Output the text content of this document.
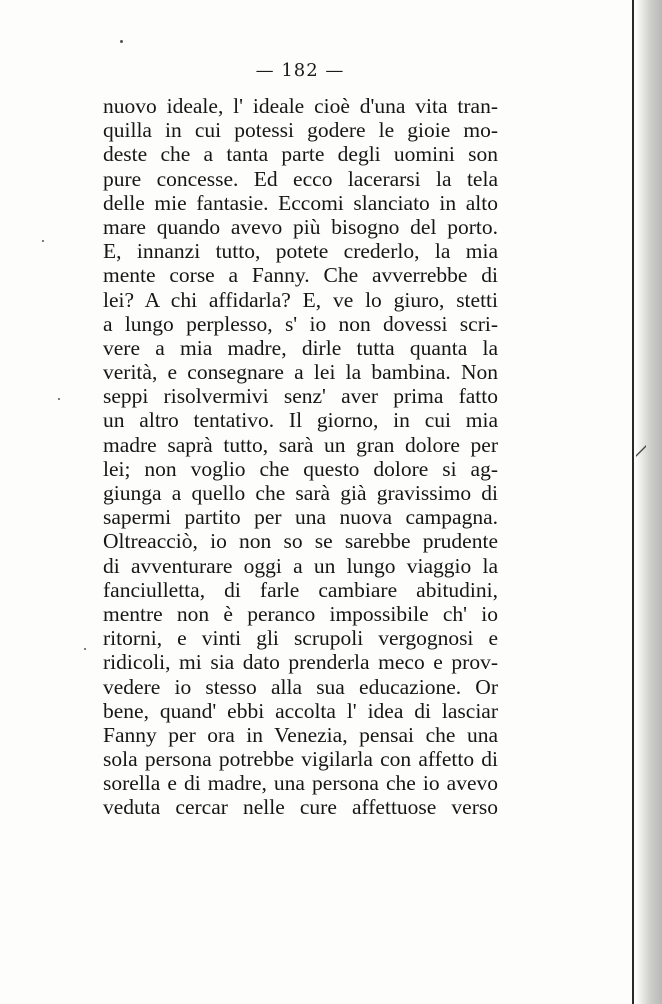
— 182 —
nuovo ideale, l' ideale cioè d'una vita tran-
quilla in cui potessi godere le gioie mo-
deste che a tanta parte degli uomini son
pure concesse. Ed ecco lacerarsi la tela
delle mie fantasie. Eccomi slanciato in alto
mare quando avevo più bisogno del porto.
E, innanzi tutto, potete crederlo, la mia
mente corse a Fanny. Che avverrebbe di
lei? A chi affidarla? E, ve lo giuro, stetti
a lungo perplesso, s' io non dovessi scri-
vere a mia madre, dirle tutta quanta la
verità, e consegnare a lei la bambina. Non
seppi risolvermivi senz' aver prima fatto
un altro tentativo. Il giorno, in cui mia
madre saprà tutto, sarà un gran dolore per
lei; non voglio che questo dolore si ag-
giunga a quello che sarà già gravissimo di
sapermi partito per una nuova campagna.
Oltreacciò, io non so se sarebbe prudente
di avventurare oggi a un lungo viaggio la
fanciulletta, di farle cambiare abitudini,
mentre non è peranco impossibile ch' io
ritorni, e vinti gli scrupoli vergognosi e
ridicoli, mi sia dato prenderla meco e prov-
vedere io stesso alla sua educazione. Or
bene, quand' ebbi accolta l' idea di lasciar
Fanny per ora in Venezia, pensai che una
sola persona potrebbe vigilarla con affetto di
sorella e di madre, una persona che io avevo
veduta cercar nelle cure affettuose verso
